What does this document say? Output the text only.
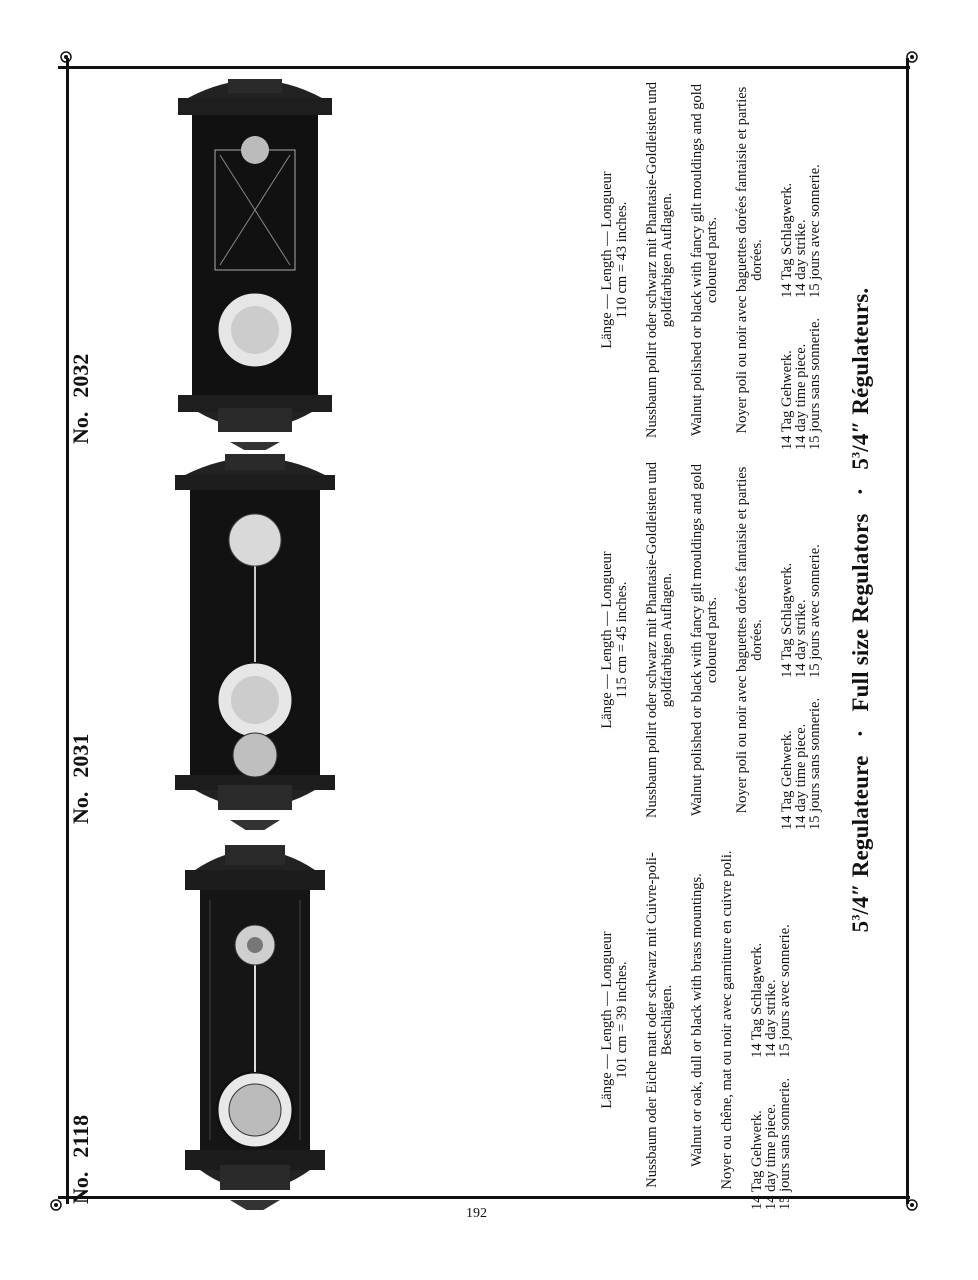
$5^3/4''$ Regulateure · Full size Regulators · $5^3/4''$ Régulateurs.
No.2118

Länge — Length — Longueur 101 cm = 39 inches. Nussbaum oder Eiche matt oder schwarz mit Cuivre-poli-Beschlägen. Walnut or oak, dull or black with brass mountings. Noyer ou chêne, mat ou noir avec garniture en cuivre poli. 14 Tag Gehwerk.
14 day time piece.
15 jours sans sonnerie.
14 Tag Schlagwerk.
14 day strike.
15 jours avec sonnerie.
No.2031

Länge — Length — Longueur 115 cm = 45 inches. Nussbaum polirt oder schwarz mit Phantasie-Goldleisten und goldfarbigen Auflagen. Walnut polished or black with fancy gilt mouldings and gold coloured parts. Noyer poli ou noir avec baguettes dorées fantaisie et parties dorées.

14 Tag Gehwerk.
14 day time piece.
15 jours sans sonnerie.
14 Tag Schlagwerk.
14 day strike.
15 jours avec sonnerie.
No.2032

Länge — Length — Longueur 110 cm = 43 inches. Nussbaum polirt oder schwarz mit Phantasie-Goldleisten und goldfarbigen Auflagen. Walnut polished or black with fancy gilt mouldings and gold coloured parts. Noyer poli ou noir avec baguettes dorées fantaisie et parties dorées.

14 Tag Gehwerk.
14 day time piece.
15 jours sans sonnerie.
14 Tag Schlagwerk.
14 day strike.
15 jours avec sonnerie.
192
